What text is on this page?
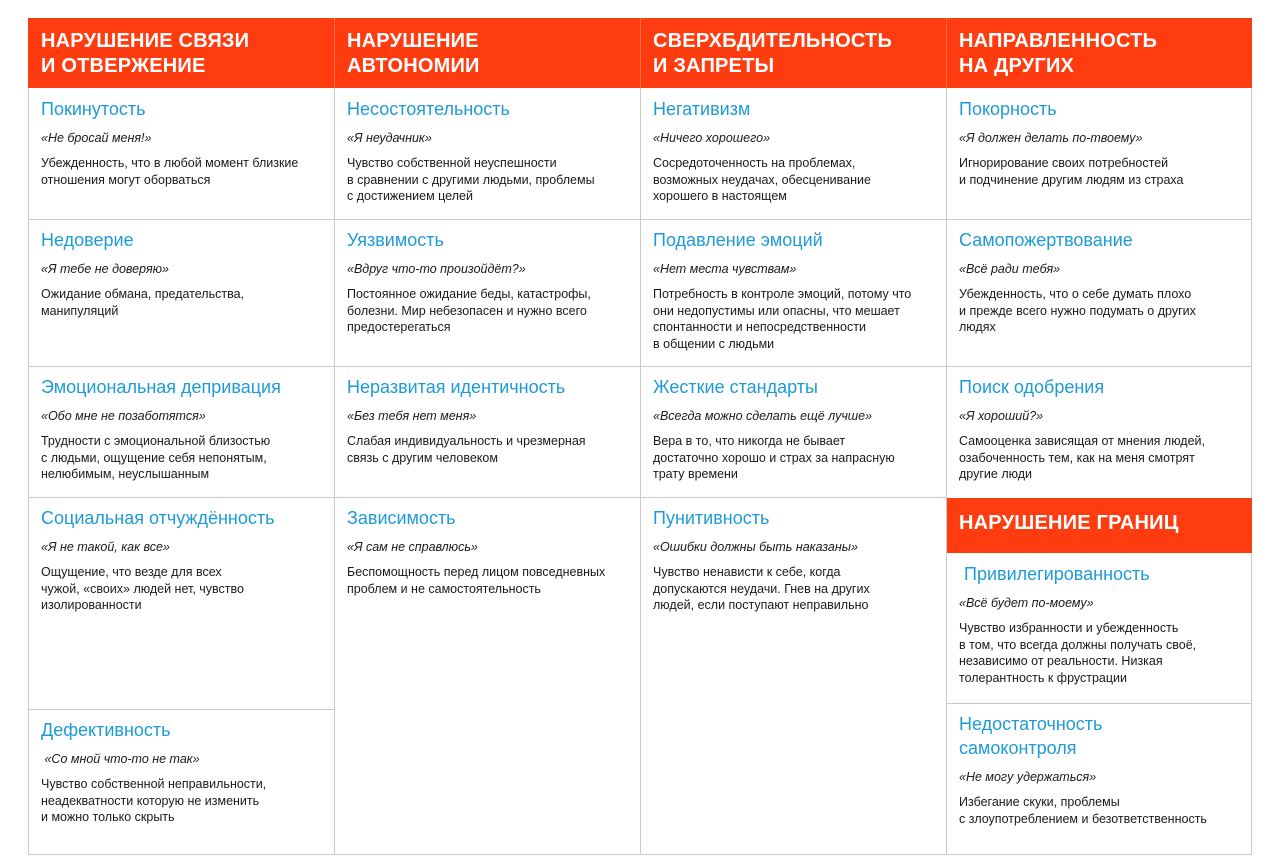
НАРУШЕНИЕ СВЯЗИ
И ОТВЕРЖЕНИЕ
НАРУШЕНИЕ
АВТОНОМИИ
СВЕРХБДИТЕЛЬНОСТЬ
И ЗАПРЕТЫ
НАПРАВЛЕННОСТЬ
НА ДРУГИХ
НАРУШЕНИЕ ГРАНИЦ
Покинутость
«Не бросай меня!»
Убежденность, что в любой момент близкие
отношения могут оборваться
Недоверие
«Я тебе не доверяю»
Ожидание обмана, предательства,
манипуляций
Эмоциональная депривация
«Обо мне не позаботятся»
Трудности с эмоциональной близостью
с людьми, ощущение себя непонятым,
нелюбимым, неуслышанным
Социальная отчуждённость
«Я не такой, как все»
Ощущение, что везде для всех
чужой, «своих» людей нет, чувство
изолированности
Дефективность
«Со мной что-то не так»
Чувство собственной неправильности,
неадекватности которую не изменить
и можно только скрыть
Несостоятельность
«Я неудачник»
Чувство собственной неуспешности
в сравнении с другими людьми, проблемы
с достижением целей
Уязвимость
«Вдруг что-то произойдёт?»
Постоянное ожидание беды, катастрофы,
болезни. Мир небезопасен и нужно всего
предостерегаться
Неразвитая идентичность
«Без тебя нет меня»
Слабая индивидуальность и чрезмерная
связь с другим человеком
Зависимость
«Я сам не справлюсь»
Беспомощность перед лицом повседневных
проблем и не самостоятельность
Негативизм
«Ничего хорошего»
Сосредоточенность на проблемах,
возможных неудачах, обесценивание
хорошего в настоящем
Подавление эмоций
«Нет места чувствам»
Потребность в контроле эмоций, потому что
они недопустимы или опасны, что мешает
спонтанности и непосредственности
в общении с людьми
Жесткие стандарты
«Всегда можно сделать ещё лучше»
Вера в то, что никогда не бывает
достаточно хорошо и страх за напрасную
трату времени
Пунитивность
«Ошибки должны быть наказаны»
Чувство ненависти к себе, когда
допускаются неудачи. Гнев на других
людей, если поступают неправильно
Покорность
«Я должен делать по-твоему»
Игнорирование своих потребностей
и подчинение другим людям из страха
Самопожертвование
«Всё ради тебя»
Убежденность, что о себе думать плохо
и прежде всего нужно подумать о других
людях
Поиск одобрения
«Я хороший?»
Самооценка зависящая от мнения людей,
озабоченность тем, как на меня смотрят
другие люди
Привилегированность
«Всё будет по-моему»
Чувство избранности и убежденность
в том, что всегда должны получать своё,
независимо от реальности. Низкая
толерантность к фрустрации
Недостаточность
самоконтроля
«Не могу удержаться»
Избегание скуки, проблемы
с злоупотреблением и безответственность
